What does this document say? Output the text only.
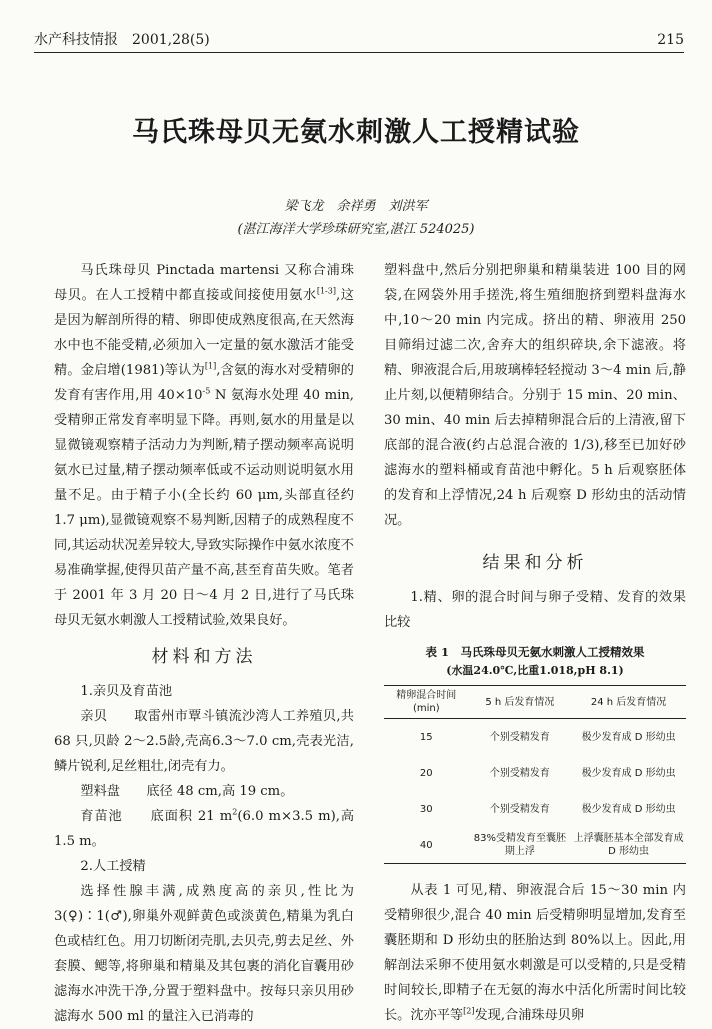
水产科技情报　2001,28(5)	215
马氏珠母贝无氨水刺激人工授精试验
梁飞龙　余祥勇　刘洪军
(湛江海洋大学珍珠研究室,湛江 524025)

马氏珠母贝 Pinctada martensi 又称合浦珠母贝。在人工授精中都直接或间接使用氨水[1-3],这是因为解剖所得的精、卵即使成熟度很高,在天然海水中也不能受精,必须加入一定量的氨水激活才能受精。金启增(1981)等认为[1],含氨的海水对受精卵的发育有害作用,用 $40\times 10^{-5}$ N 氨海水处理 40 min,受精卵正常发育率明显下降。再则,氨水的用量是以显微镜观察精子活动力为判断,精子摆动频率高说明氨水已过量,精子摆动频率低或不运动则说明氨水用量不足。由于精子小(全长约 60 μm,头部直径约1.7 μm),显微镜观察不易判断,因精子的成熟程度不同,其运动状况差异较大,导致实际操作中氨水浓度不易准确掌握,使得贝苗产量不高,甚至育苗失败。笔者于 2001 年 3 月 20 日～4 月 2 日,进行了马氏珠母贝无氨水刺激人工授精试验,效果良好。

材料和方法

1.亲贝及育苗池

亲贝　　取雷州市覃斗镇流沙湾人工养殖贝,共 68 只,贝龄 2～2.5龄,壳高6.3～7.0 cm,壳表光洁,鳞片锐利,足丝粗壮,闭壳有力。

塑料盘　　底径 48 cm,高 19 cm。

育苗池　　底面积 21 $m^2(6.0$ m×3.5 m),高1.5 m。

2.人工授精

选择性腺丰满,成熟度高的亲贝,性比为 3(♀)∶1(♂),卵巢外观鲜黄色或淡黄色,精巢为乳白色或桔红色。用刀切断闭壳肌,去贝壳,剪去足丝、外套膜、鳃等,将卵巢和精巢及其包裹的消化盲囊用砂滤海水冲洗干净,分置于塑料盘中。按每只亲贝用砂滤海水 500 ml 的量注入已消毒的

塑料盘中,然后分别把卵巢和精巢装进 100 目的网袋,在网袋外用手搓洗,将生殖细胞挤到塑料盘海水中,10～20 min 内完成。挤出的精、卵液用 250 目筛绢过滤二次,舍弃大的组织碎块,余下滤液。将精、卵液混合后,用玻璃棒轻轻搅动 3～4 min 后,静止片刻,以便精卵结合。分别于 15 min、20 min、30 min、40 min 后去掉精卵混合后的上清液,留下底部的混合液(约占总混合液的 1/3),移至已加好砂滤海水的塑料桶或育苗池中孵化。5 h 后观察胚体的发育和上浮情况,24 h 后观察 D 形幼虫的活动情况。

结果和分析

1.精、卵的混合时间与卵子受精、发育的效果比较

表 1　马氏珠母贝无氨水刺激人工授精效果
(水温24.0℃,比重1.018,pH 8.1)
精卵混合时间(min)	5 h 后发育情况	24 h 后发育情况
15	个别受精发育	极少发育成 D 形幼虫
20	个别受精发育	极少发育成 D 形幼虫
30	个别受精发育	极少发育成 D 形幼虫
40	83%受精发育至囊胚期上浮	上浮囊胚基本全部发育成 D 形幼虫

从表 1 可见,精、卵液混合后 15～30 min 内受精卵很少,混合 40 min 后受精卵明显增加,发育至囊胚期和 D 形幼虫的胚胎达到 80%以上。因此,用解剖法采卵不使用氨水刺激是可以受精的,只是受精时间较长,即精子在无氨的海水中活化所需时间比较长。沈亦平等[2]发现,合浦珠母贝卵
